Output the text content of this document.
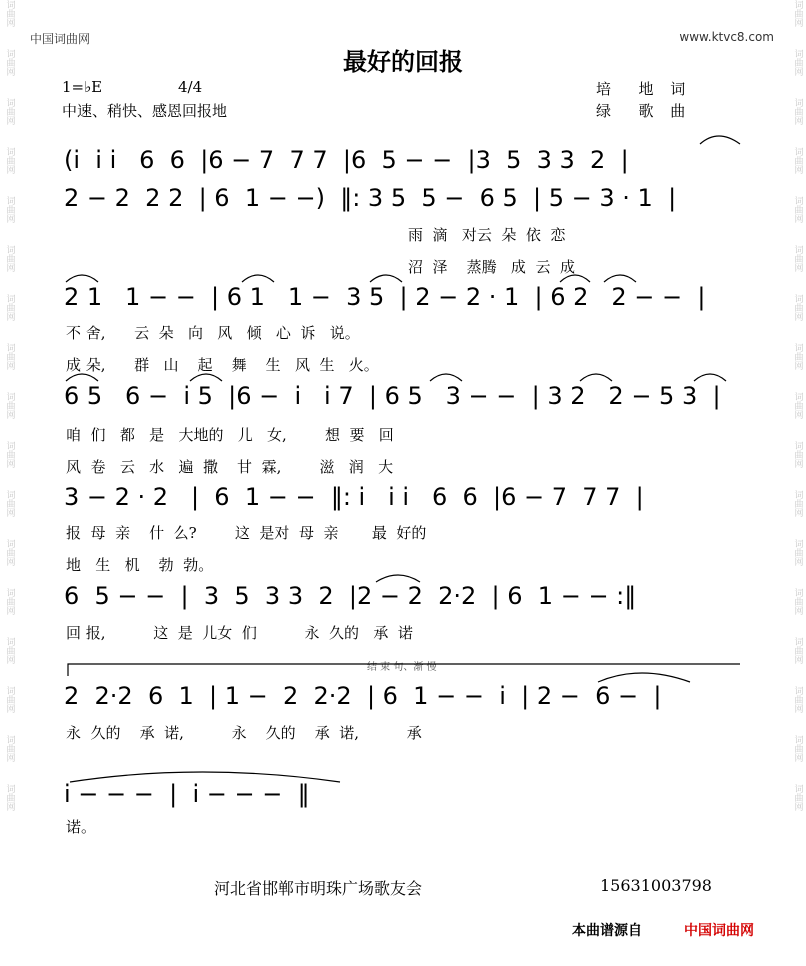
词曲网
词曲网
词曲网
词曲网
词曲网
词曲网
词曲网
词曲网
词曲网
词曲网
词曲网
词曲网
词曲网
词曲网
词曲网
词曲网
词曲网
词曲网
词曲网
词曲网
词曲网
词曲网
词曲网
词曲网
词曲网
词曲网
词曲网
词曲网
词曲网
词曲网
词曲网
词曲网
词曲网
词曲网
中国词曲网	www.ktvc8.com
最好的回报
1=♭E	4/4
中速、稍快、感恩回报地
培  地 词
绿  歌 曲
(i  i i   6  6  |6 − 7  7 7  |6  5 − −  |3  5  3 3  2  |
2 − 2  2 2  | 6  1 − −)  ‖: 3 5  5 −  6 5  | 5 − 3 · 1  |
雨  滴   对云  朵  依  恋
沼  泽    蒸腾   成  云  成
2 1   1 − −  | 6 1   1 −  3 5  | 2 − 2 · 1  | 6 2   2 − −  |
不 舍,      云  朵   向   风   倾   心  诉   说。
成 朵,      群   山    起    舞    生   风  生   火。
6 5   6 −  i 5  |6 −  i   i 7  | 6 5   3 − −  | 3 2   2 − 5 3  |
咱  们   都   是   大地的   儿   女,        想  要   回
风  卷   云   水   遍  撒    甘  霖,        滋   润   大
3 − 2 · 2   |  6  1 − −  ‖: i   i i   6  6  |6 − 7  7 7  |
报  母  亲    什  么?        这  是对  母  亲       最  好的
地   生   机    勃  勃。
6  5 − −  |  3  5  3 3  2  |2 − 2  2·2  | 6  1 − − :‖
回 报,          这  是  儿女  们          永  久的   承  诺
结 束 句、渐 慢
2  2·2  6  1  | 1 −  2  2·2  | 6  1 − −  i  | 2 −  6 −  |
永  久的    承  诺,          永    久的    承  诺,          承
i − − −  |  i − − −  ‖
诺。
河北省邯郸市明珠广场歌友会	15631003798
本曲谱源自	中国词曲网
